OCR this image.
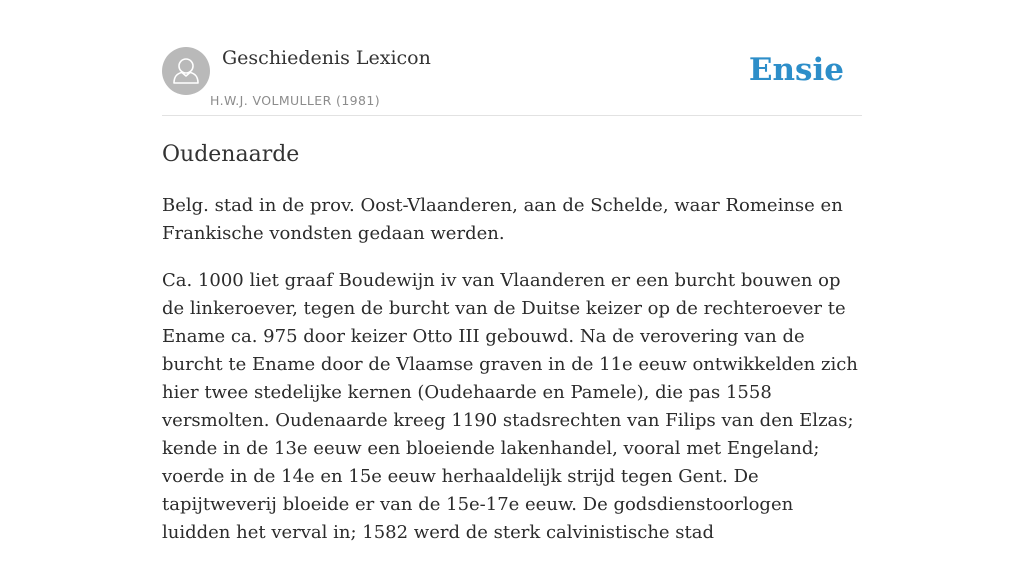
Geschiedenis Lexicon
H.W.J. VOLMULLER (1981)
Ensie
Oudenaarde

Belg. stad in de prov. Oost-Vlaanderen, aan de Schelde, waar Romeinse en Frankische vondsten gedaan werden.

Ca. 1000 liet graaf Boudewijn iv van Vlaanderen er een burcht bouwen op de linkeroever, tegen de burcht van de Duitse keizer op de rechteroever te Ename ca. 975 door keizer Otto III gebouwd. Na de verovering van de burcht te Ename door de Vlaamse graven in de 11e eeuw ontwikkelden zich hier twee stedelijke kernen (Oudehaarde en Pamele), die pas 1558 versmolten. Oudenaarde kreeg 1190 stadsrechten van Filips van den Elzas; kende in de 13e eeuw een bloeiende lakenhandel, vooral met Engeland; voerde in de 14e en 15e eeuw herhaaldelijk strijd tegen Gent. De tapijtweverij bloeide er van de 15e-17e eeuw. De godsdienstoorlogen luidden het verval in; 1582 werd de sterk calvinistische stad
